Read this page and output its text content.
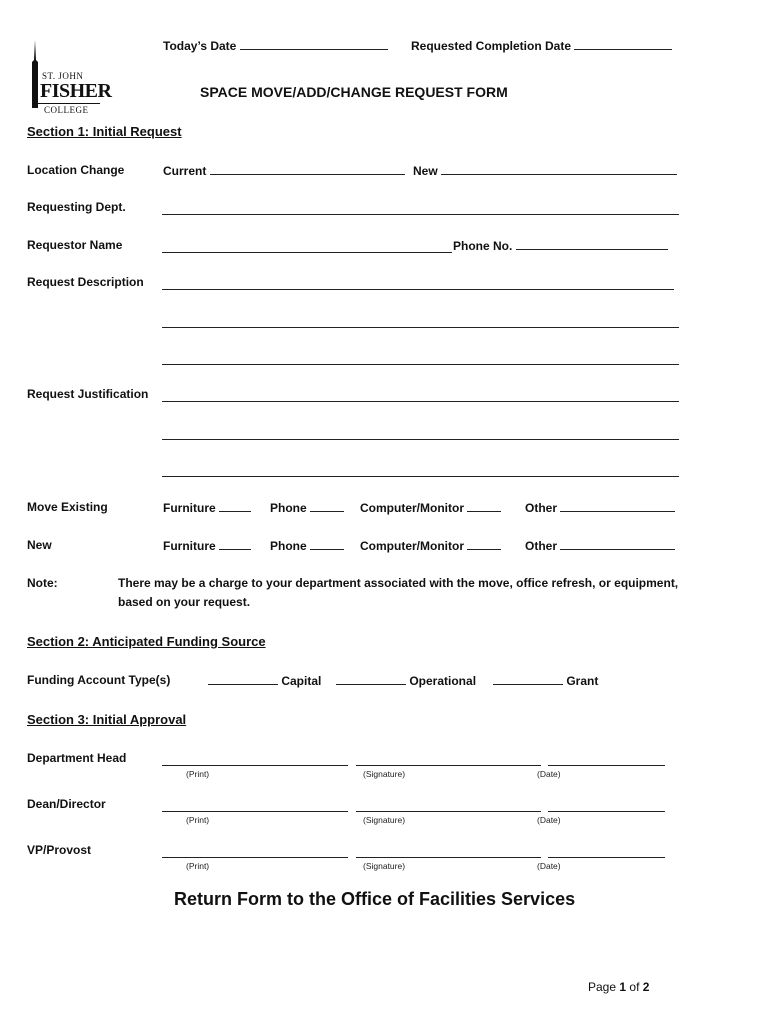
Today’s Date	Requested Completion Date
ST. JOHN
FISHER
COLLEGE
SPACE MOVE/ADD/CHANGE REQUEST FORM
Section 1: Initial Request
Location Change	Current	New
Requesting Dept.
Requestor Name	Phone No.
Request Description
Request Justification
Move Existing	Furniture	Phone	Computer/Monitor	Other
New	Furniture	Phone	Computer/Monitor	Other
Note:	There may be a charge to your department associated with the move, office refresh, or equipment,
based on your request.
Section 2: Anticipated Funding Source
Funding Account Type(s)	Capital	Operational	Grant
Section 3: Initial Approval
Department Head
(Print)	(Signature)	(Date)
Dean/Director
(Print)	(Signature)	(Date)
VP/Provost
(Print)	(Signature)	(Date)
Return Form to the Office of Facilities Services
Page 1 of 2
